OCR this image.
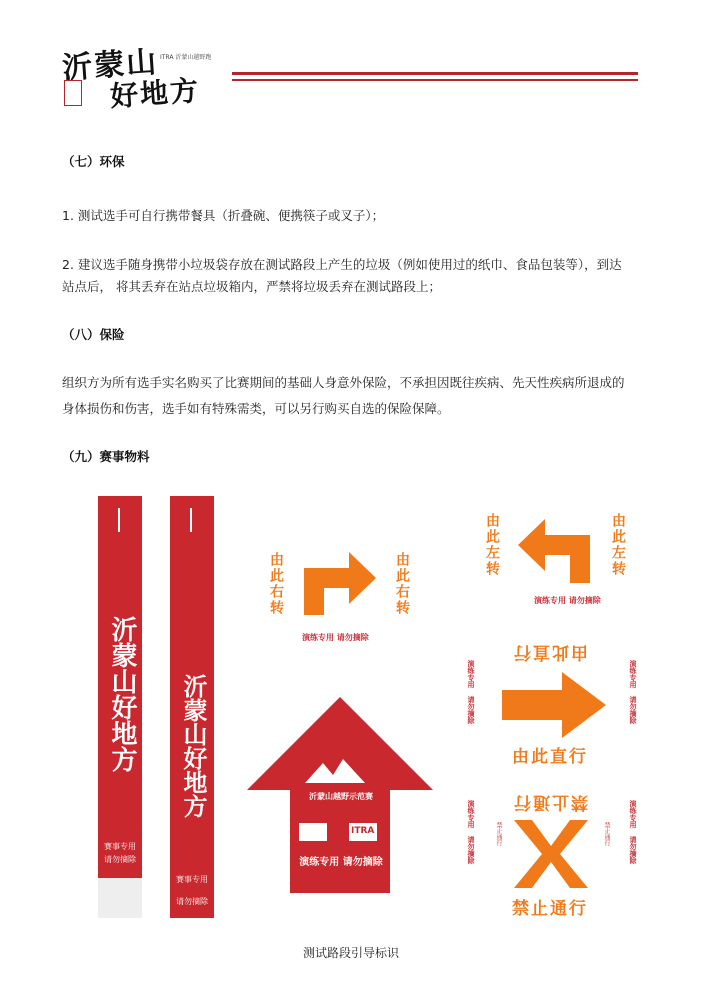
沂蒙山
好地方
ITRA 沂蒙山越野跑
（七）环保
1. 测试选手可自行携带餐具（折叠碗、便携筷子或叉子）；
2. 建议选手随身携带小垃圾袋存放在测试路段上产生的垃圾（例如使用过的纸巾、食品包装等），到达
站点后， 将其丢弃在站点垃圾箱内，严禁将垃圾丢弃在测试路段上；
（八）保险
组织方为所有选手实名购买了比赛期间的基础人身意外保险，不承担因既往疾病、先天性疾病所退成的
身体损伤和伤害，选手如有特殊需类，可以另行购买自选的保险保障。
（九）赛事物料
沂蒙山好地方
赛事专用
请勿摘除
沂蒙山好地方
赛事专用
请勿摘除
由此右转	由此右转
演练专用 请勿摘除
由此左转	由此左转
演练专用 请勿摘除
沂蒙山越野示范赛
ITRA
演练专用 请勿摘除
由此直行
由此直行
演练专用 请勿摘除	演练专用 请勿摘除
禁止通行
禁止通行
演练专用 请勿摘除	演练专用 请勿摘除
禁止通行	禁止通行
测试路段引导标识
